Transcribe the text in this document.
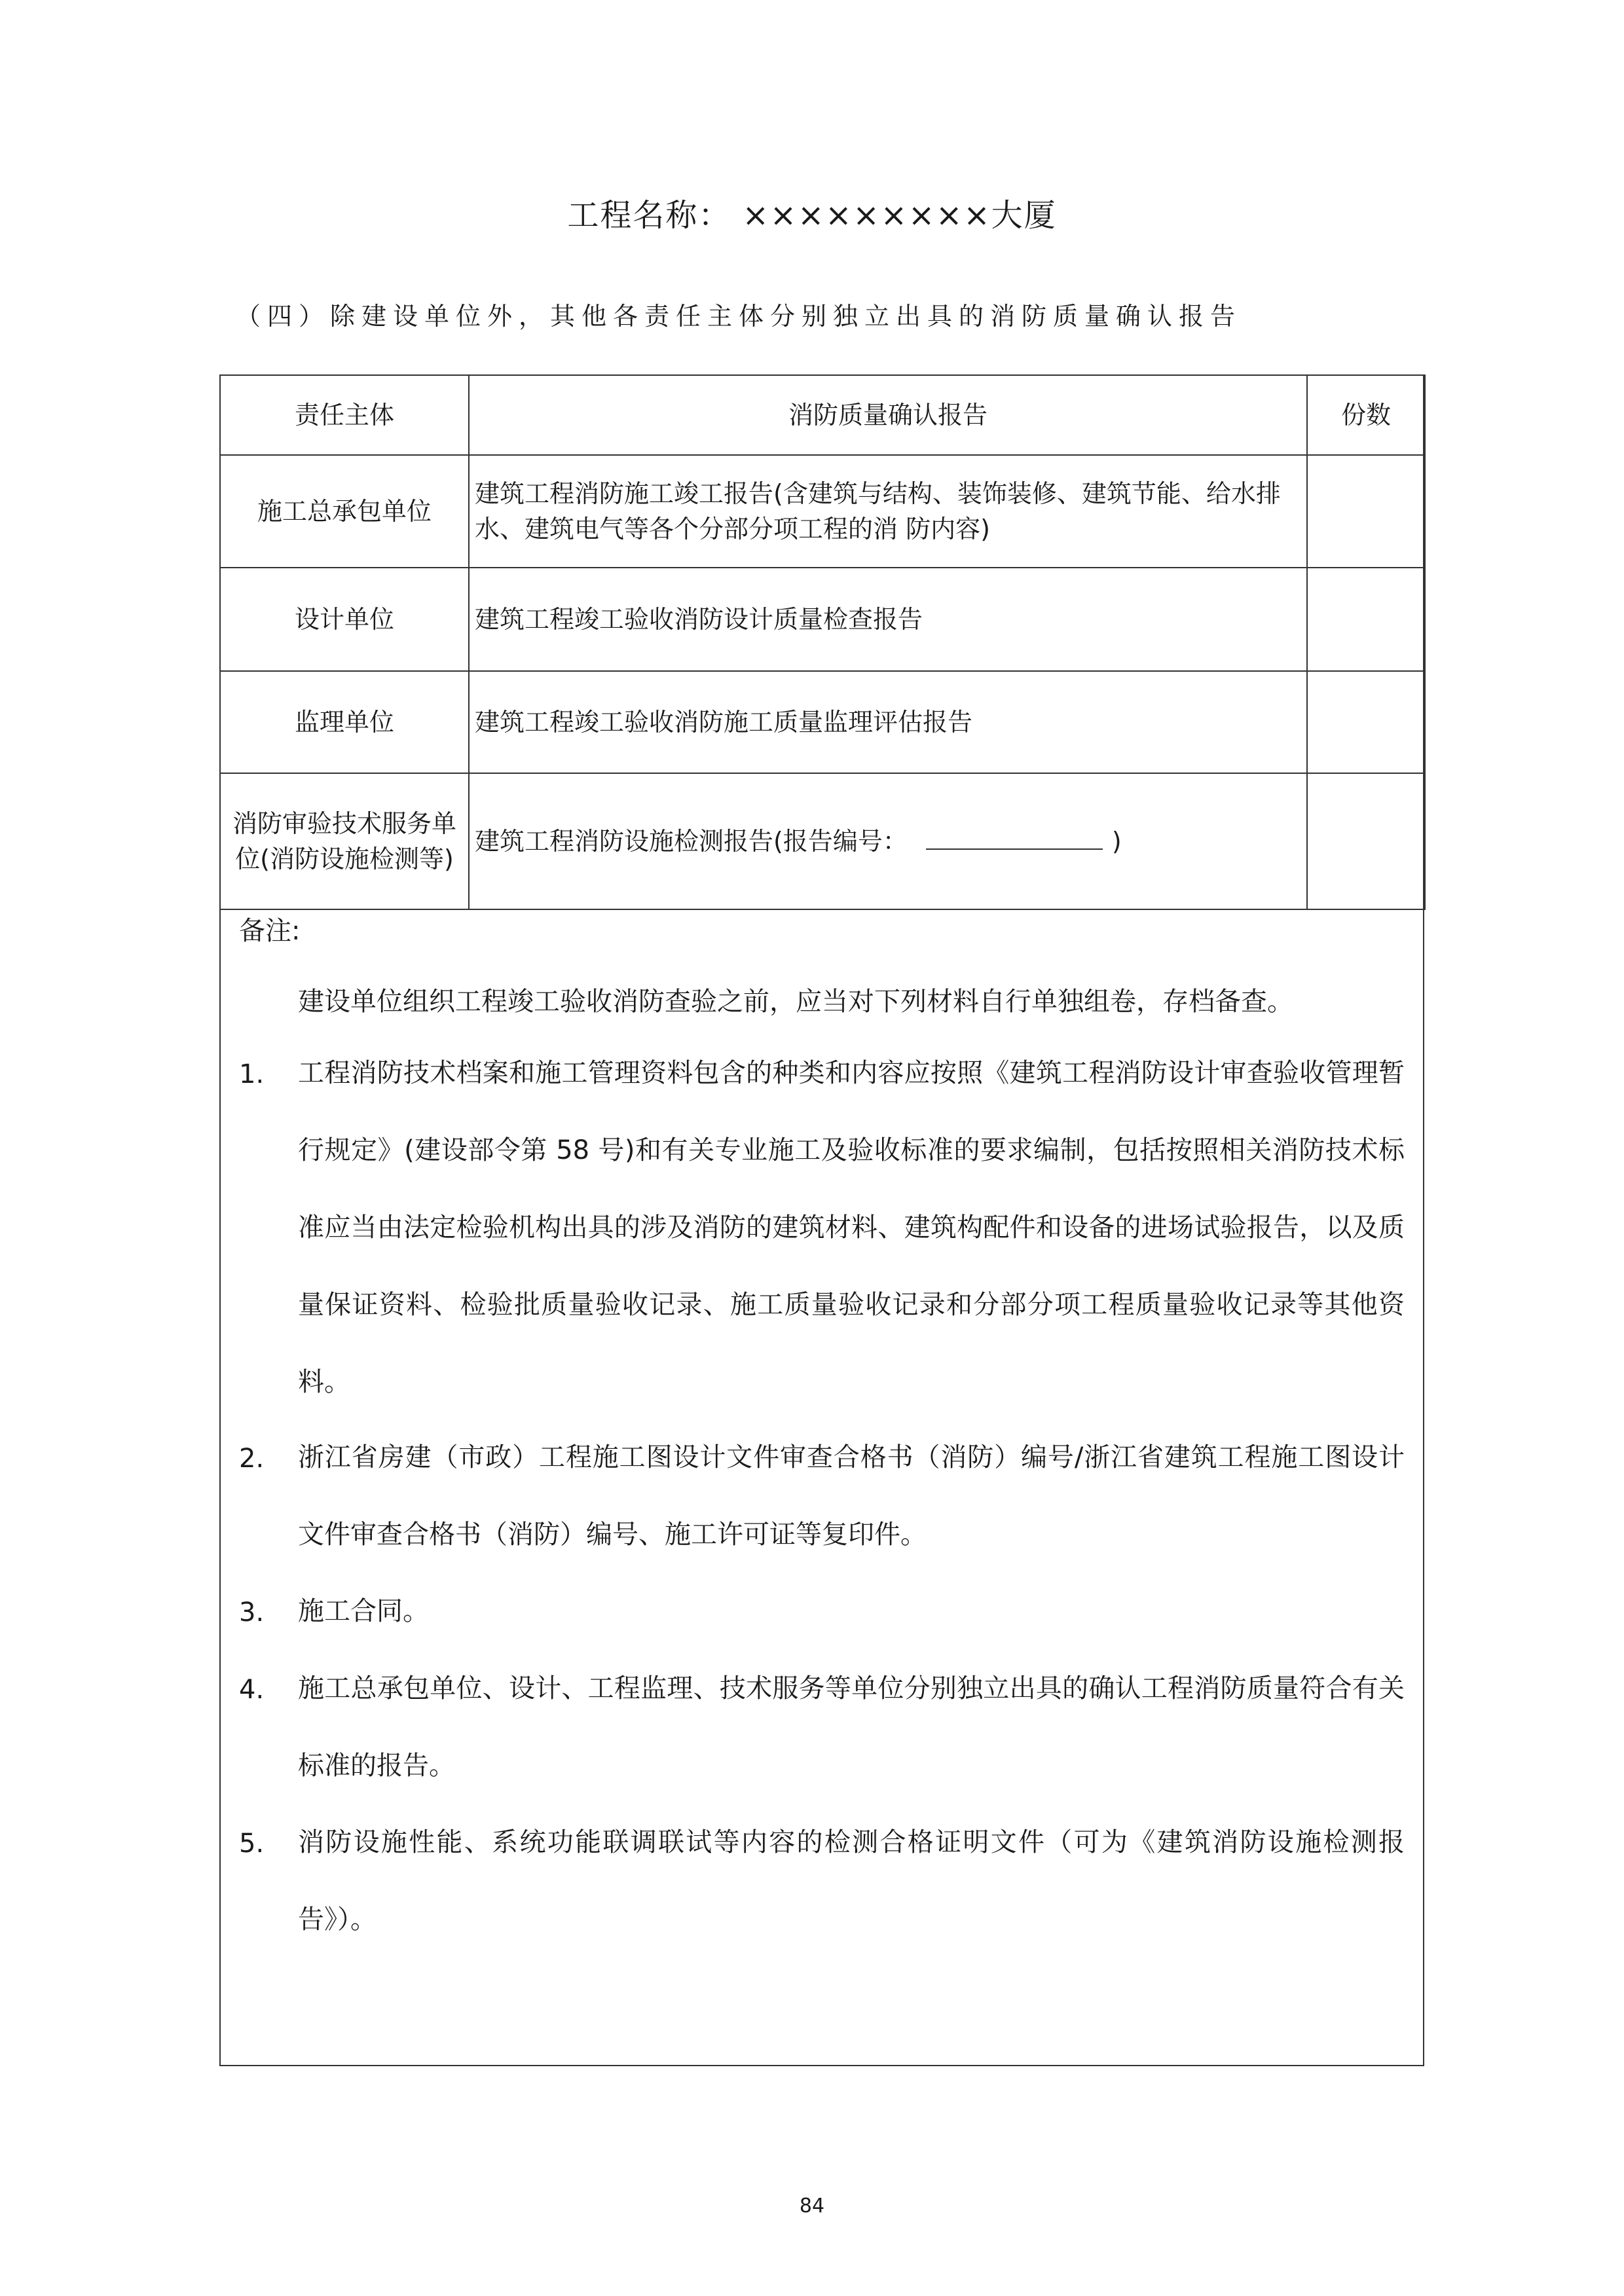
工程名称： ×××××××××大厦
（四）除建设单位外，其他各责任主体分别独立出具的消防质量确认报告
责任主体	消防质量确认报告	份数
施工总承包单位	建筑工程消防施工竣工报告(含建筑与结构、装饰装修、建筑节能、给水排水、建筑电气等各个分部分项工程的消 防内容)	
设计单位	建筑工程竣工验收消防设计质量检查报告	
监理单位	建筑工程竣工验收消防施工质量监理评估报告	
消防审验技术服务单位(消防设施检测等)	建筑工程消防设施检测报告(报告编号： )	
备注:
建设单位组织工程竣工验收消防查验之前，应当对下列材料自行单独组卷，存档备查。
1. 工程消防技术档案和施工管理资料包含的种类和内容应按照《建筑工程消防设计审查验收管理暂行规定》(建设部令第 58 号)和有关专业施工及验收标准的要求编制，包括按照相关消防技术标准应当由法定检验机构出具的涉及消防的建筑材料、建筑构配件和设备的进场试验报告，以及质量保证资料、检验批质量验收记录、施工质量验收记录和分部分项工程质量验收记录等其他资料。
2. 浙江省房建（市政）工程施工图设计文件审查合格书（消防）编号/浙江省建筑工程施工图设计文件审查合格书（消防）编号、施工许可证等复印件。
3. 施工合同。
4. 施工总承包单位、设计、工程监理、技术服务等单位分别独立出具的确认工程消防质量符合有关标准的报告。
5. 消防设施性能、系统功能联调联试等内容的检测合格证明文件（可为《建筑消防设施检测报告》）。
84
